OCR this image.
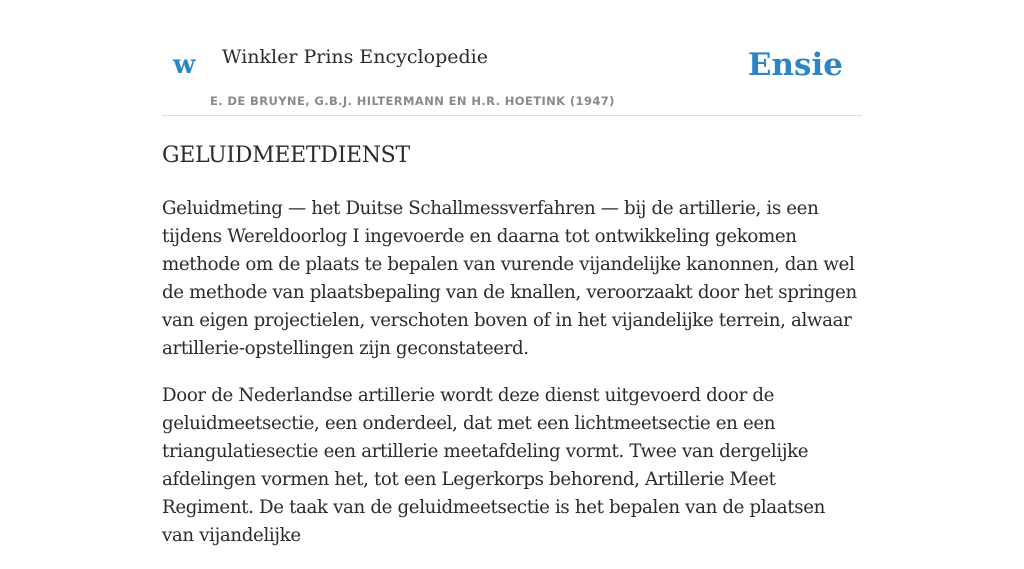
w Winkler Prins Encyclopedie
E. DE BRUYNE, G.B.J. HILTERMANN EN H.R. HOETINK (1947)
Ensie
GELUIDMEETDIENST

Geluidmeting — het Duitse Schallmessverfahren — bij de artillerie, is een tijdens Wereldoorlog I ingevoerde en daarna tot ontwikkeling gekomen methode om de plaats te bepalen van vurende vijandelijke kanonnen, dan wel de methode van plaatsbepaling van de knallen, veroorzaakt door het springen van eigen projectielen, verschoten boven of in het vijandelijke terrein, alwaar artillerie-opstellingen zijn geconstateerd.

Door de Nederlandse artillerie wordt deze dienst uitgevoerd door de geluidmeetsectie, een onderdeel, dat met een lichtmeetsectie en een triangulatiesectie een artillerie meetafdeling vormt. Twee van dergelijke afdelingen vormen het, tot een Legerkorps behorend, Artillerie Meet Regiment. De taak van de geluidmeetsectie is het bepalen van de plaatsen van vijandelijke
